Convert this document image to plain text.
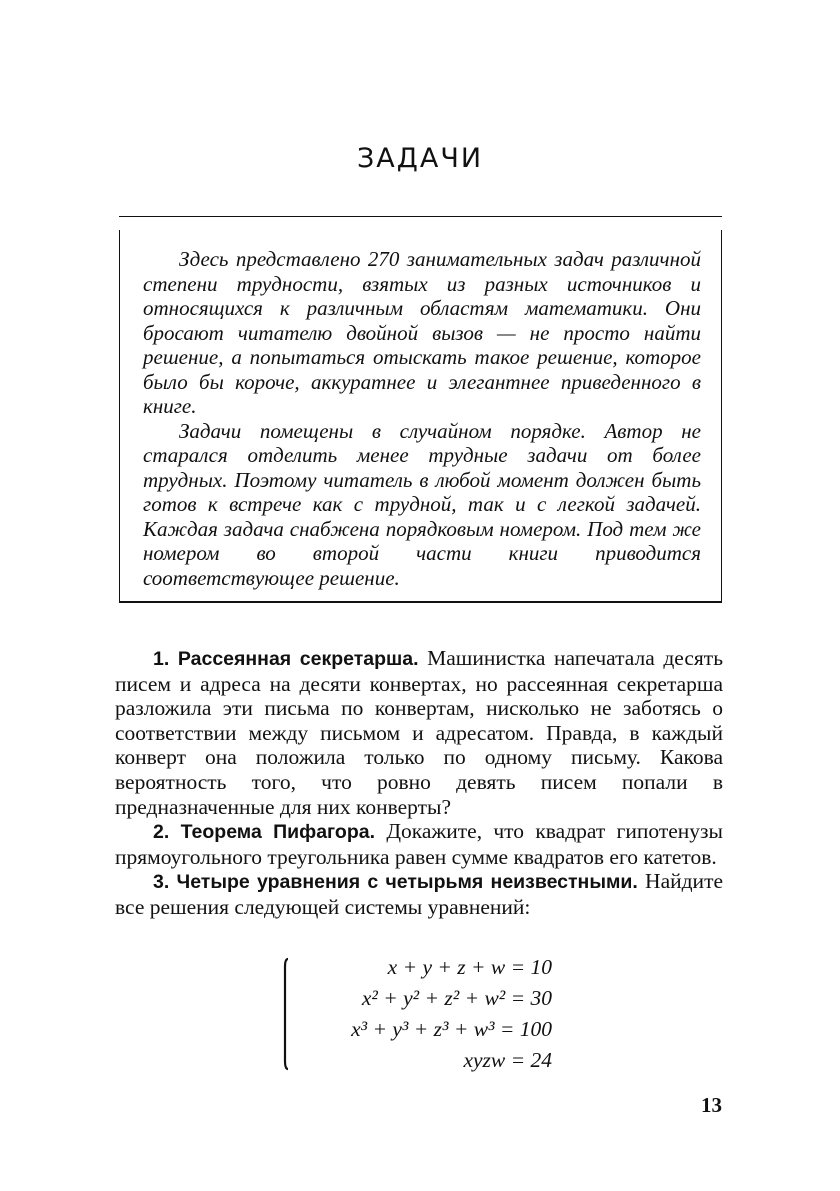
ЗАДАЧИ

Здесь представлено 270 занимательных задач различной степени трудности, взятых из разных источников и относящихся к различным областям математики. Они бросают читателю двойной вызов — не просто найти решение, а попытаться отыскать такое решение, которое было бы короче, аккуратнее и элегантнее приведенного в книге.

Задачи помещены в случайном порядке. Автор не старался отделить менее трудные задачи от более трудных. Поэтому читатель в любой момент должен быть готов к встрече как с трудной, так и с легкой задачей. Каждая задача снабжена порядковым номером. Под тем же номером во второй части книги приводится соответствующее решение.

1. Рассеянная секретарша. Машинистка напечатала десять писем и адреса на десяти конвертах, но рассеянная секретарша разложила эти письма по конвертам, нисколько не заботясь о соответствии между письмом и адресатом. Правда, в каждый конверт она положила только по одному письму. Какова вероятность того, что ровно девять писем попали в предназначенные для них конверты?

2. Теорема Пифагора. Докажите, что квадрат гипотенузы прямоугольного треугольника равен сумме квадратов его катетов.

3. Четыре уравнения с четырьмя неизвестными. Найдите все решения следующей системы уравнений:

x + y + z + w = 10
x² + y² + z² + w² = 30
x³ + y³ + z³ + w³ = 100
xyzw = 24
13
